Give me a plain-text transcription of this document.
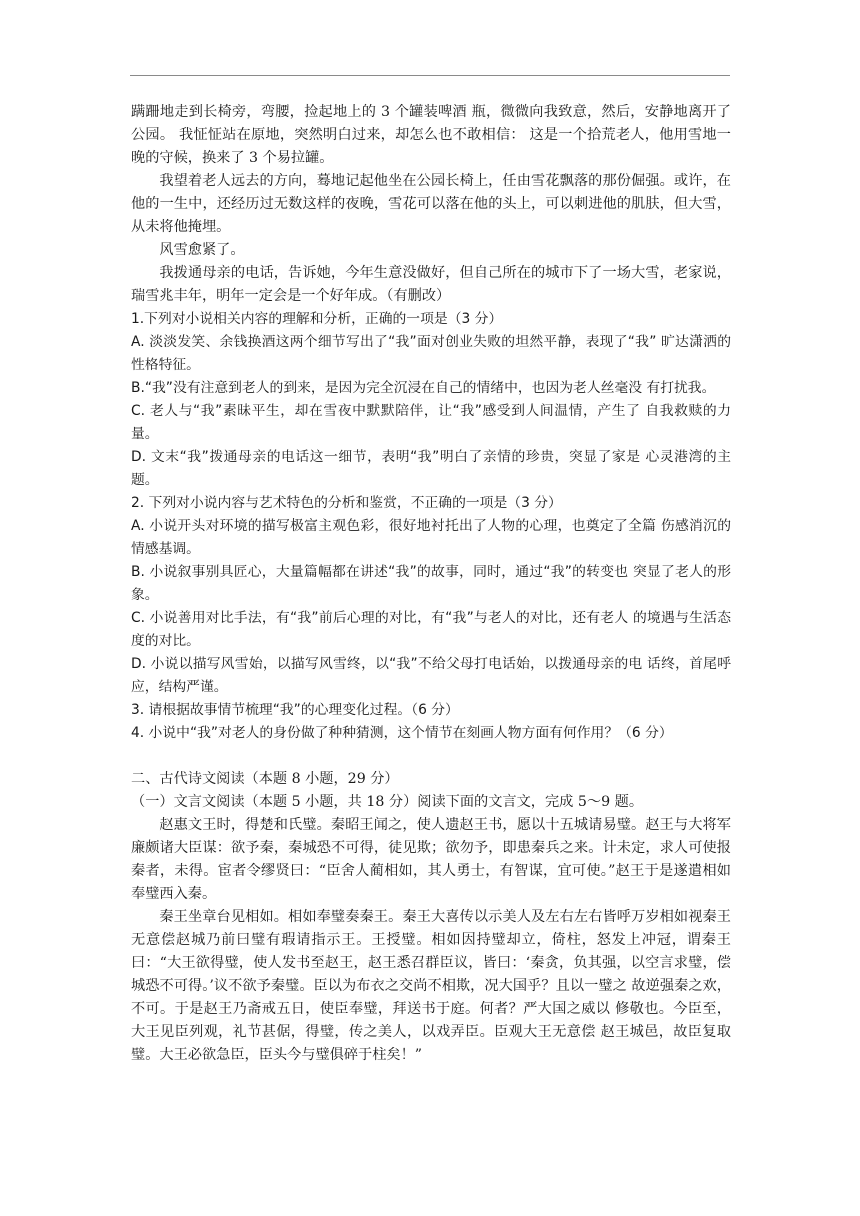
蹒跚地走到长椅旁，弯腰，捡起地上的 3 个罐装啤酒 瓶，微微向我致意，然后，安静地离开了公园。 我怔怔站在原地，突然明白过来，却怎么也不敢相信： 这是一个拾荒老人，他用雪地一晚的守候，换来了 3 个易拉罐。

我望着老人远去的方向，蓦地记起他坐在公园长椅上，任由雪花飘落的那份倔强。或许，在他的一生中，还经历过无数这样的夜晚，雪花可以落在他的头上，可以刺进他的肌肤，但大雪，从未将他掩埋。

风雪愈紧了。

我拨通母亲的电话，告诉她，今年生意没做好，但自己所在的城市下了一场大雪，老家说，瑞雪兆丰年，明年一定会是一个好年成。（有删改）

1.下列对小说相关内容的理解和分析，正确的一项是（3 分）

A. 淡淡发笑、余钱换酒这两个细节写出了“我”面对创业失败的坦然平静，表现了“我” 旷达潇洒的性格特征。

B.“我”没有注意到老人的到来，是因为完全沉浸在自己的情绪中，也因为老人丝毫没 有打扰我。

C. 老人与“我”素昧平生，却在雪夜中默默陪伴，让“我”感受到人间温情，产生了 自我救赎的力量。

D. 文末“我”拨通母亲的电话这一细节，表明“我”明白了亲情的珍贵，突显了家是 心灵港湾的主题。

2. 下列对小说内容与艺术特色的分析和鉴赏，不正确的一项是（3 分）

A. 小说开头对环境的描写极富主观色彩，很好地衬托出了人物的心理，也奠定了全篇 伤感消沉的情感基调。

B. 小说叙事别具匠心，大量篇幅都在讲述“我”的故事，同时，通过“我”的转变也 突显了老人的形象。

C. 小说善用对比手法，有“我”前后心理的对比，有“我”与老人的对比，还有老人 的境遇与生活态度的对比。

D. 小说以描写风雪始，以描写风雪终，以“我”不给父母打电话始，以拨通母亲的电 话终，首尾呼应，结构严谨。

3. 请根据故事情节梳理“我”的心理变化过程。（6 分）

4. 小说中“我”对老人的身份做了种种猜测，这个情节在刻画人物方面有何作用？（6 分）

二、古代诗文阅读（本题 8 小题，29 分）

（一）文言文阅读（本题 5 小题，共 18 分）阅读下面的文言文，完成 5～9 题。

赵惠文王时，得楚和氏璧。秦昭王闻之，使人遗赵王书，愿以十五城请易璧。赵王与大将军廉颇诸大臣谋：欲予秦，秦城恐不可得，徒见欺；欲勿予，即患秦兵之来。计未定，求人可使报秦者，未得。宦者令缪贤曰：“臣舍人蔺相如，其人勇士，有智谋，宜可使。”赵王于是遂遣相如奉璧西入秦。

秦王坐章台见相如。相如奉璧奏秦王。秦王大喜传以示美人及左右左右皆呼万岁相如视秦王无意偿赵城乃前曰璧有瑕请指示王。王授璧。相如因持璧却立，倚柱，怒发上冲冠，谓秦王曰：“大王欲得璧，使人发书至赵王，赵王悉召群臣议，皆曰：‘秦贪，负其强，以空言求璧，偿城恐不可得。’议不欲予秦璧。臣以为布衣之交尚不相欺，况大国乎？且以一璧之 故逆强秦之欢，不可。于是赵王乃斋戒五日，使臣奉璧，拜送书于庭。何者？严大国之威以 修敬也。今臣至，大王见臣列观，礼节甚倨，得璧，传之美人，以戏弄臣。臣观大王无意偿 赵王城邑，故臣复取璧。大王必欲急臣，臣头今与璧俱碎于柱矣！”
